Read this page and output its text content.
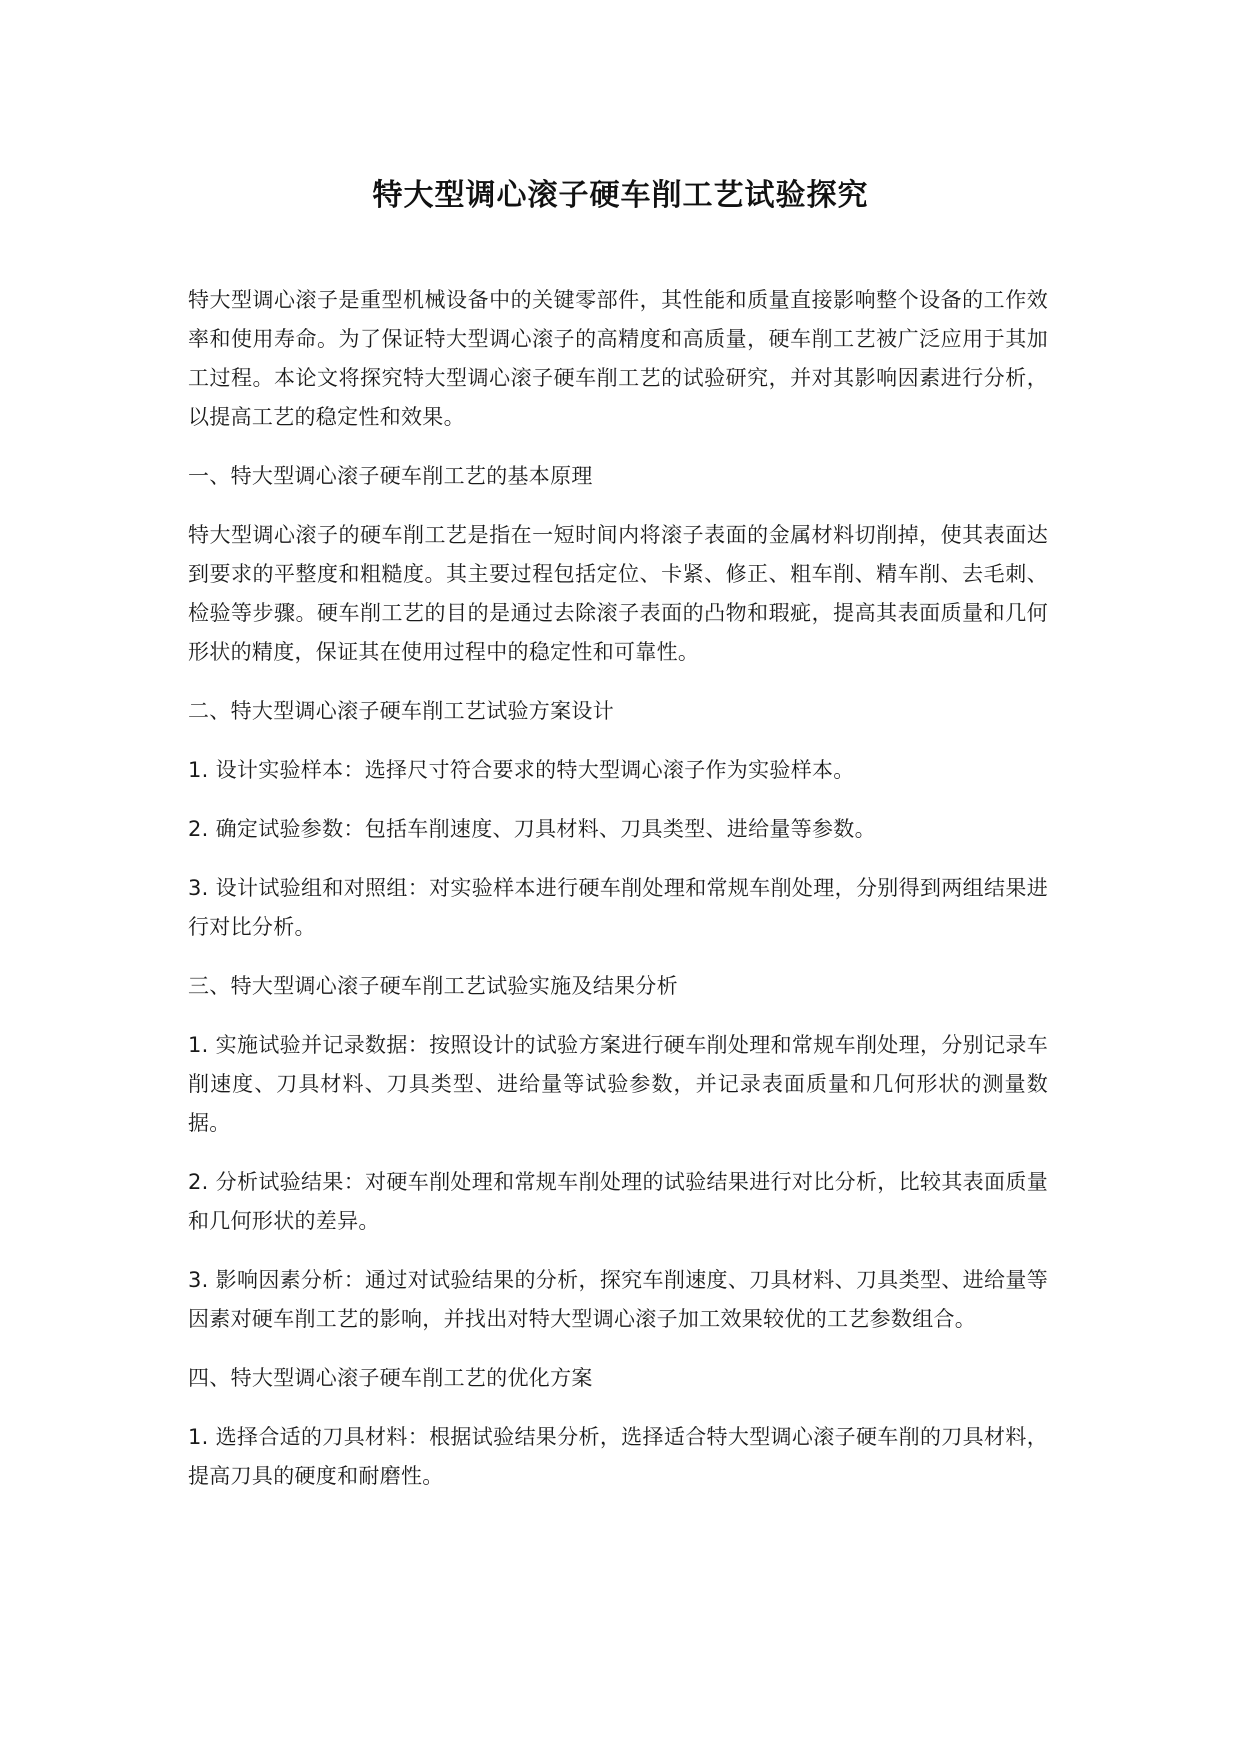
特大型调心滚子硬车削工艺试验探究

特大型调心滚子是重型机械设备中的关键零部件，其性能和质量直接影响整个设备的工作效率和使用寿命。为了保证特大型调心滚子的高精度和高质量，硬车削工艺被广泛应用于其加工过程。本论文将探究特大型调心滚子硬车削工艺的试验研究，并对其影响因素进行分析，以提高工艺的稳定性和效果。

一、特大型调心滚子硬车削工艺的基本原理

特大型调心滚子的硬车削工艺是指在一短时间内将滚子表面的金属材料切削掉，使其表面达到要求的平整度和粗糙度。其主要过程包括定位、卡紧、修正、粗车削、精车削、去毛刺、检验等步骤。硬车削工艺的目的是通过去除滚子表面的凸物和瑕疵，提高其表面质量和几何形状的精度，保证其在使用过程中的稳定性和可靠性。

二、特大型调心滚子硬车削工艺试验方案设计

1. 设计实验样本：选择尺寸符合要求的特大型调心滚子作为实验样本。

2. 确定试验参数：包括车削速度、刀具材料、刀具类型、进给量等参数。

3. 设计试验组和对照组：对实验样本进行硬车削处理和常规车削处理，分别得到两组结果进行对比分析。

三、特大型调心滚子硬车削工艺试验实施及结果分析

1. 实施试验并记录数据：按照设计的试验方案进行硬车削处理和常规车削处理，分别记录车削速度、刀具材料、刀具类型、进给量等试验参数，并记录表面质量和几何形状的测量数据。

2. 分析试验结果：对硬车削处理和常规车削处理的试验结果进行对比分析，比较其表面质量和几何形状的差异。

3. 影响因素分析：通过对试验结果的分析，探究车削速度、刀具材料、刀具类型、进给量等因素对硬车削工艺的影响，并找出对特大型调心滚子加工效果较优的工艺参数组合。

四、特大型调心滚子硬车削工艺的优化方案

1. 选择合适的刀具材料：根据试验结果分析，选择适合特大型调心滚子硬车削的刀具材料，提高刀具的硬度和耐磨性。
